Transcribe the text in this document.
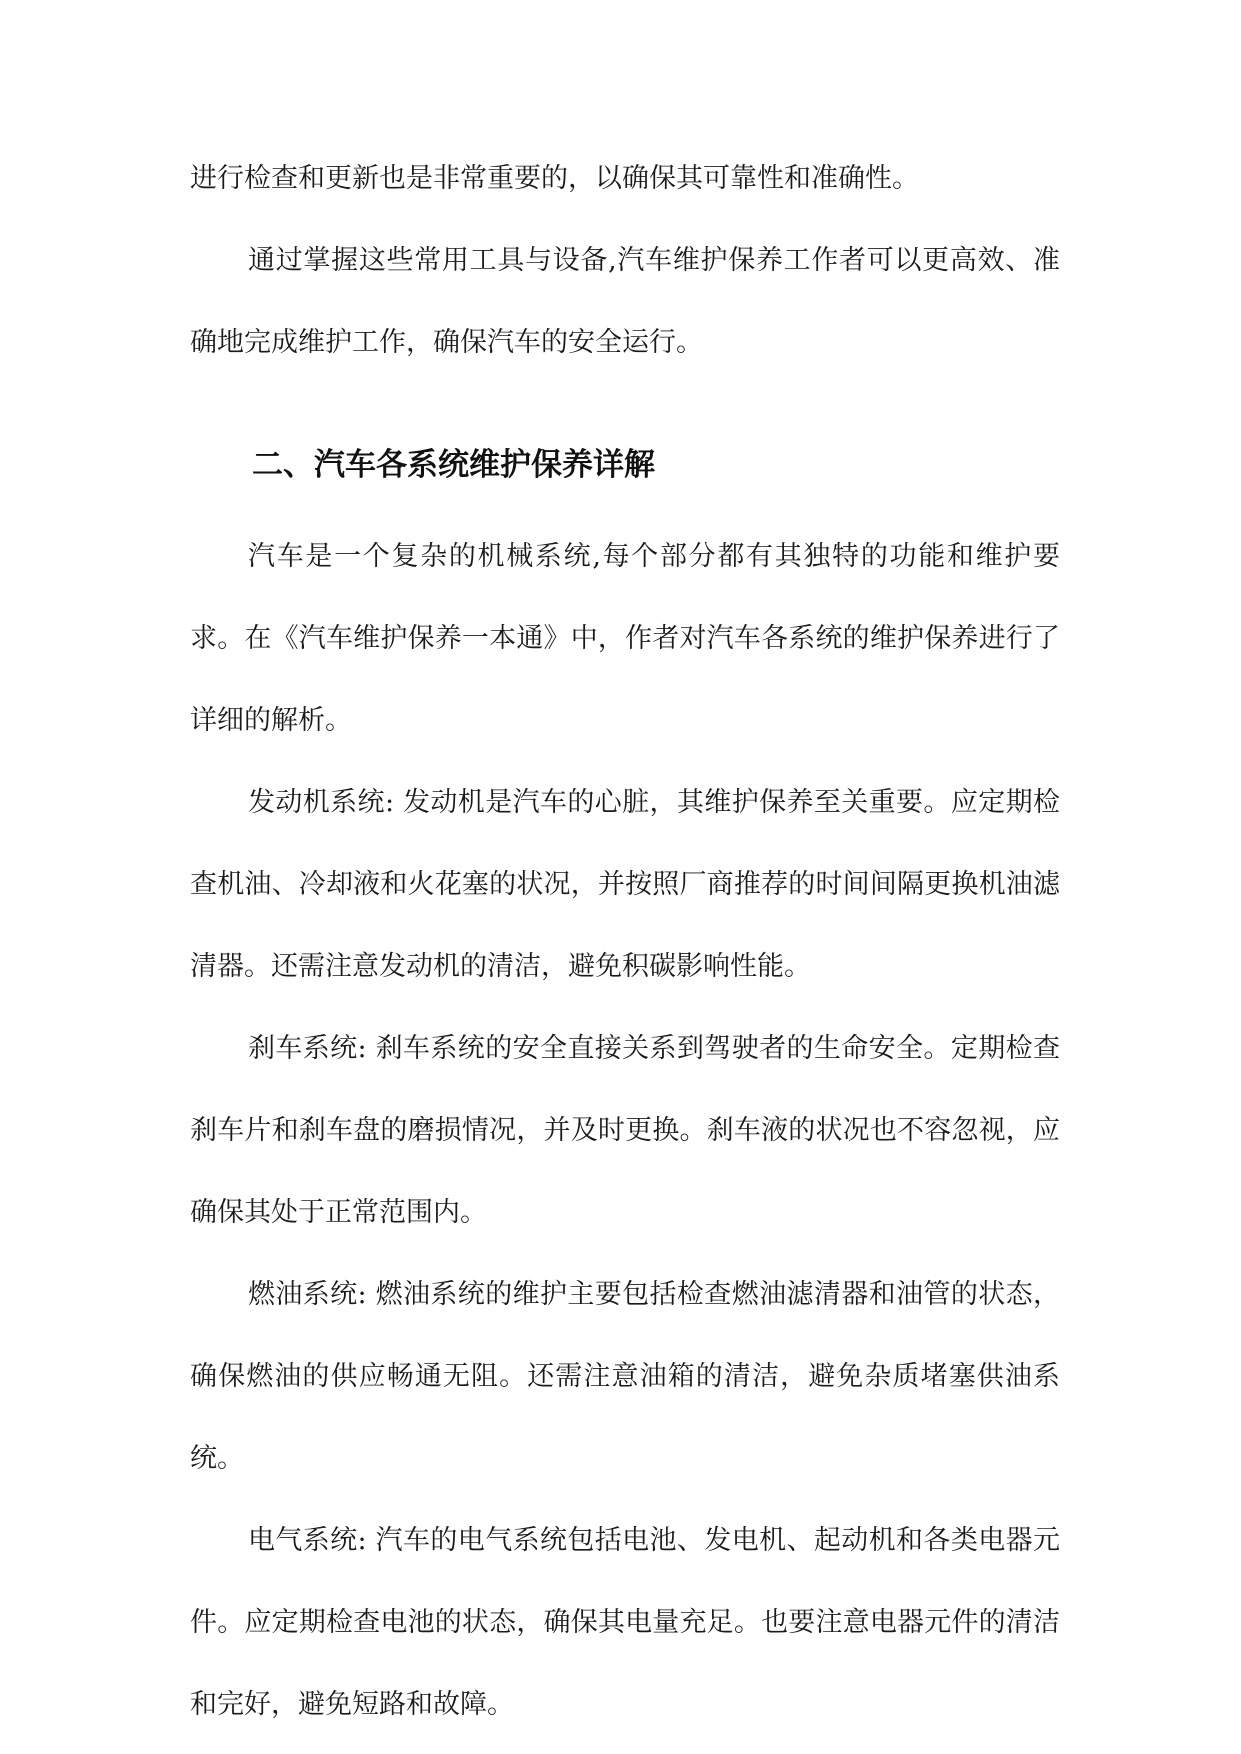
进行检查和更新也是非常重要的，以确保其可靠性和准确性。

通过掌握这些常用工具与设备,汽车维护保养工作者可以更高效、准确地完成维护工作，确保汽车的安全运行。

二、汽车各系统维护保养详解

汽车是一个复杂的机械系统,每个部分都有其独特的功能和维护要求。在《汽车维护保养一本通》中，作者对汽车各系统的维护保养进行了详细的解析。

发动机系统: 发动机是汽车的心脏，其维护保养至关重要。应定期检查机油、冷却液和火花塞的状况，并按照厂商推荐的时间间隔更换机油滤清器。还需注意发动机的清洁，避免积碳影响性能。

刹车系统: 刹车系统的安全直接关系到驾驶者的生命安全。定期检查刹车片和刹车盘的磨损情况，并及时更换。刹车液的状况也不容忽视，应确保其处于正常范围内。

燃油系统: 燃油系统的维护主要包括检查燃油滤清器和油管的状态，确保燃油的供应畅通无阻。还需注意油箱的清洁，避免杂质堵塞供油系统。

电气系统: 汽车的电气系统包括电池、发电机、起动机和各类电器元件。应定期检查电池的状态，确保其电量充足。也要注意电器元件的清洁和完好，避免短路和故障。
